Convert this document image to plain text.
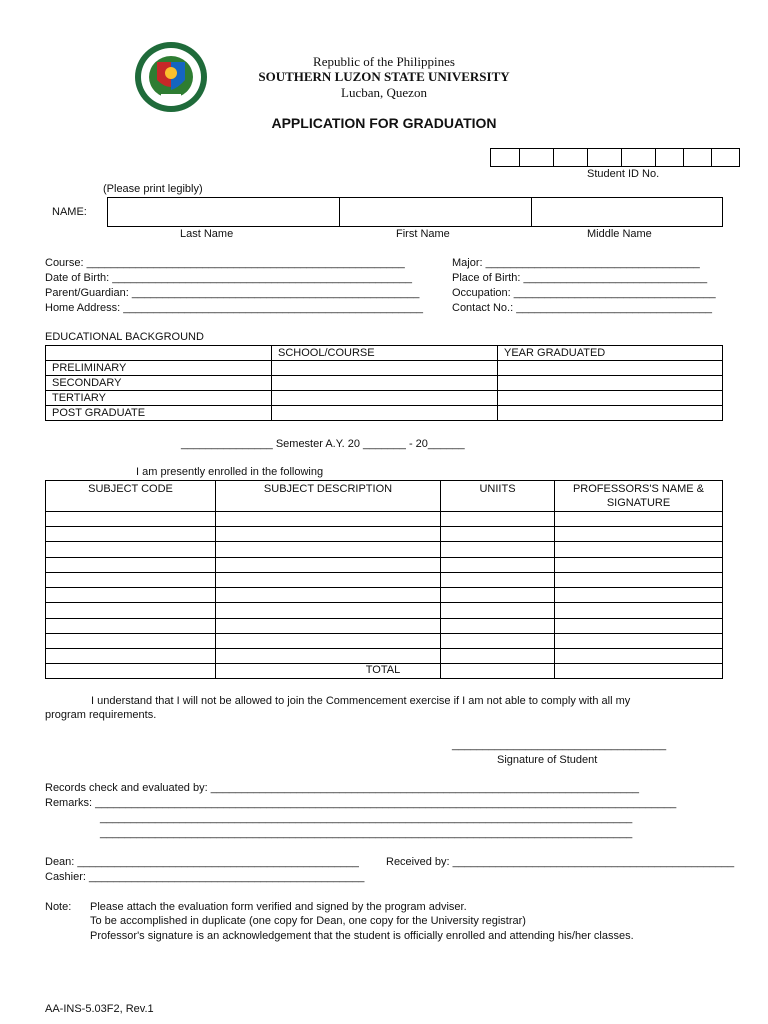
Republic of the Philippines
SOUTHERN LUZON STATE UNIVERSITY
Lucban, Quezon
APPLICATION FOR GRADUATION
Student ID No.
(Please print legibly)
NAME:
Last Name	First Name	Middle Name
Course: ____________________________________________________
Date of Birth: _________________________________________________
Parent/Guardian: _______________________________________________
Home Address: _________________________________________________
Major: ___________________________________
Place of Birth: ______________________________
Occupation: _________________________________
Contact No.: ________________________________
EDUCATIONAL BACKGROUND
	SCHOOL/COURSE	YEAR GRADUATED
PRELIMINARY		
SECONDARY		
TERTIARY		
POST GRADUATE		
_______________ Semester A.Y. 20 _______ - 20______
I am presently enrolled in the following
SUBJECT CODE	SUBJECT DESCRIPTION	UNIITS	PROFESSORS'S NAME &
SIGNATURE
TOTAL
I understand that I will not be allowed to join the Commencement exercise if I am not able to comply with all my
program requirements.
___________________________________
Signature of Student
Records check and evaluated by: ______________________________________________________________________
Remarks: _______________________________________________________________________________________________
_______________________________________________________________________________________
_______________________________________________________________________________________
Dean: ______________________________________________ Received by: ______________________________________________
Cashier: _____________________________________________
Note: Please attach the evaluation form verified and signed by the program adviser.
To be accomplished in duplicate (one copy for Dean, one copy for the University registrar)
Professor's signature is an acknowledgement that the student is officially enrolled and attending his/her classes.
AA-INS-5.03F2, Rev.1
